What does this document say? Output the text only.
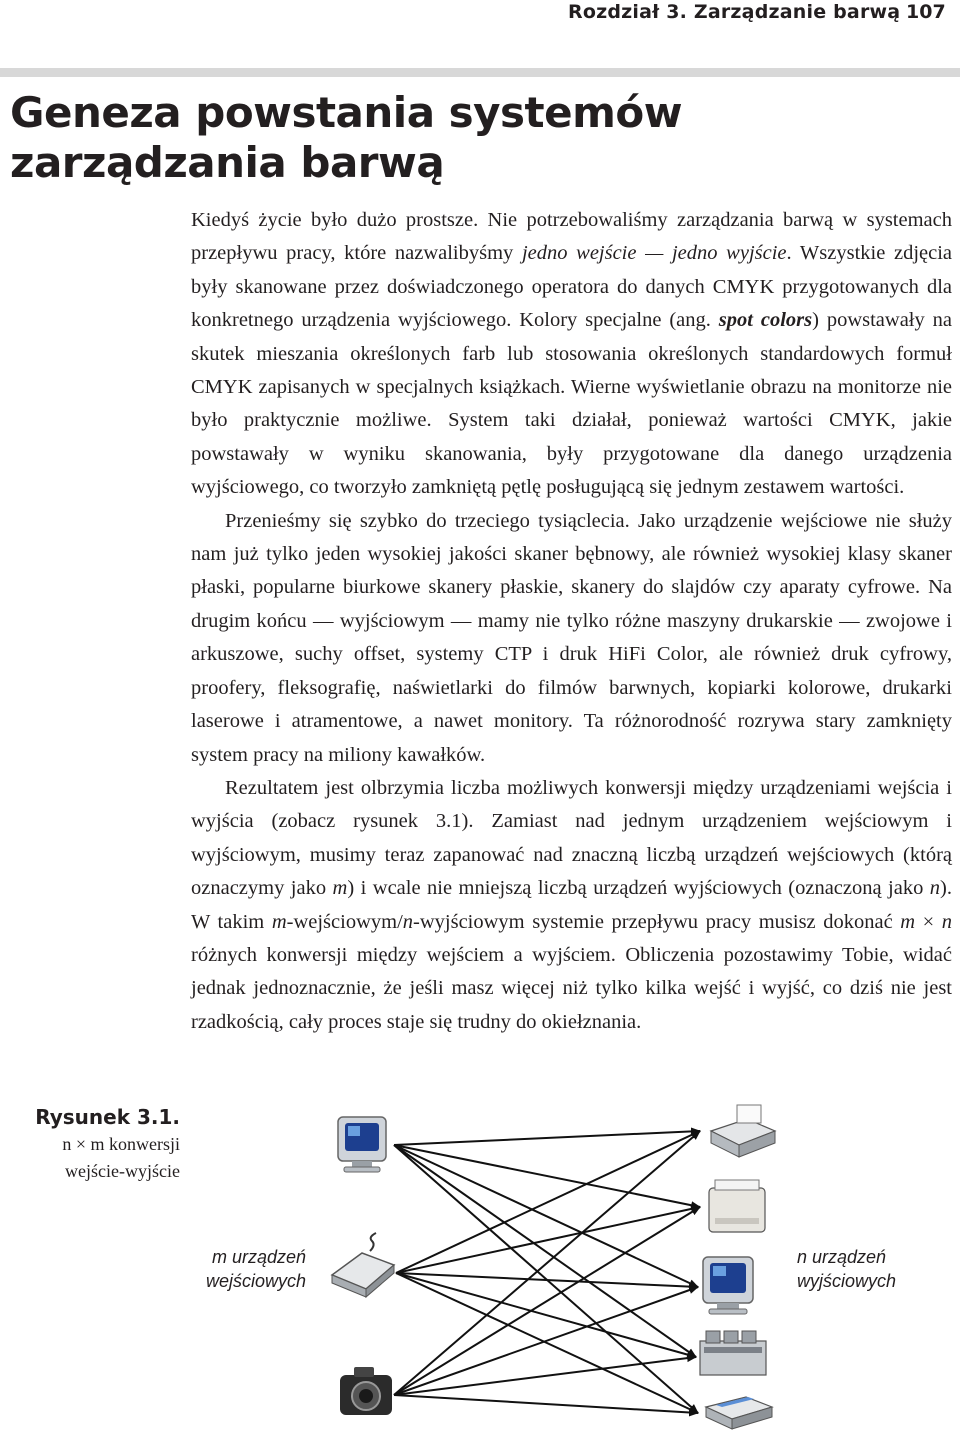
Rozdział 3. Zarządzanie barwą 107
Geneza powstania systemów
zarządzania barwą

Kiedyś życie było dużo prostsze. Nie potrzebowaliśmy zarządzania barwą w systemach przepływu pracy, które nazwalibyśmy jedno wejście — jedno wyjście. Wszystkie zdjęcia były skanowane przez doświadczonego operatora do danych CMYK przygotowanych dla konkretnego urządzenia wyjściowego. Kolory specjalne (ang. spot colors) powstawały na skutek mieszania określonych farb lub stosowania określonych standardowych formuł CMYK zapisanych w specjalnych książkach. Wierne wyświetlanie obrazu na monitorze nie było praktycznie możliwe. System taki działał, ponieważ wartości CMYK, jakie powstawały w wyniku skanowania, były przygotowane dla danego urządzenia wyjściowego, co tworzyło zamkniętą pętlę posługującą się jednym zestawem wartości.

Przenieśmy się szybko do trzeciego tysiąclecia. Jako urządzenie wejściowe nie służy nam już tylko jeden wysokiej jakości skaner bębnowy, ale również wysokiej klasy skaner płaski, popularne biurkowe skanery płaskie, skanery do slajdów czy aparaty cyfrowe. Na drugim końcu — wyjściowym — mamy nie tylko różne maszyny drukarskie — zwojowe i arkuszowe, suchy offset, systemy CTP i druk HiFi Color, ale również druk cyfrowy, proofery, fleksografię, naświetlarki do filmów barwnych, kopiarki kolorowe, drukarki laserowe i atramentowe, a nawet monitory. Ta różnorodność rozrywa stary zamknięty system pracy na miliony kawałków.

Rezultatem jest olbrzymia liczba możliwych konwersji między urządzeniami wejścia i wyjścia (zobacz rysunek 3.1). Zamiast nad jednym urządzeniem wejściowym i wyjściowym, musimy teraz zapanować nad znaczną liczbą urządzeń wejściowych (którą oznaczymy jako m) i wcale nie mniejszą liczbą urządzeń wyjściowych (oznaczoną jako n). W takim m-wejściowym/n-wyjściowym systemie przepływu pracy musisz dokonać m × n różnych konwersji między wejściem a wyjściem. Obliczenia pozostawimy Tobie, widać jednak jednoznacznie, że jeśli masz więcej niż tylko kilka wejść i wyjść, co dziś nie jest rzadkością, cały proces staje się trudny do okiełznania.

Rysunek 3.1.
n × m konwersji
wejście-wyjście
m urządzeń
wejściowych
n urządzeń
wyjściowych
